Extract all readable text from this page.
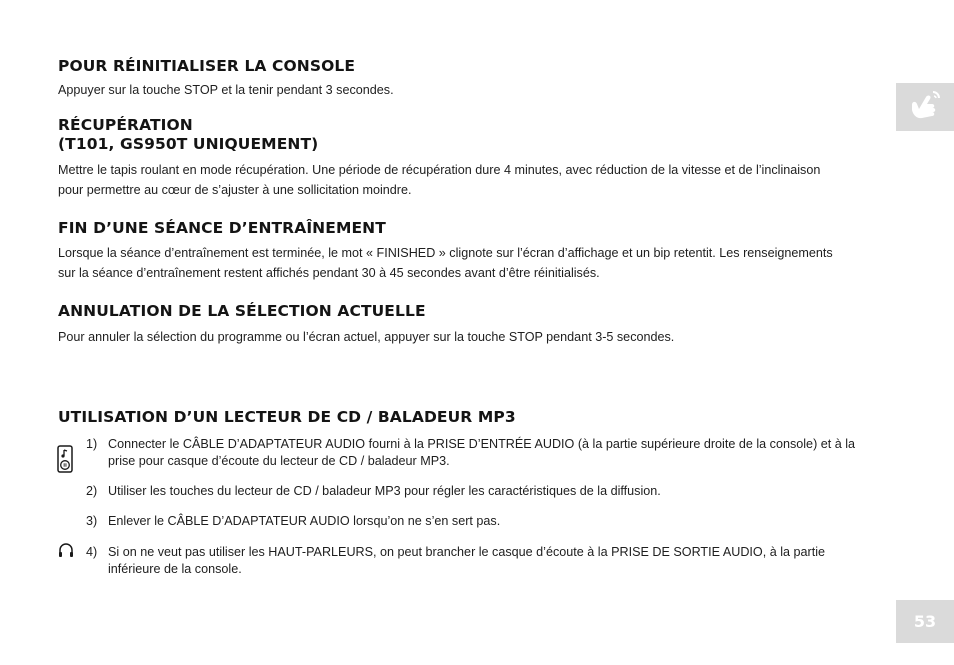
POUR RÉINITIALISER LA CONSOLE

Appuyer sur la touche STOP et la tenir pendant 3 secondes.

RÉCUPÉRATION
(T101, GS950T UNIQUEMENT)

Mettre le tapis roulant en mode récupération. Une période de récupération dure 4 minutes, avec réduction de la vitesse et de l’inclinaison pour permettre au cœur de s’ajuster à une sollicitation moindre.

FIN D’UNE SÉANCE D’ENTRAÎNEMENT

Lorsque la séance d’entraînement est terminée, le mot « FINISHED » clignote sur l’écran d’affichage et un bip retentit. Les renseignements sur la séance d’entraînement restent affichés pendant 30 à 45 secondes avant d’être réinitialisés.

ANNULATION DE LA SÉLECTION ACTUELLE

Pour annuler la sélection du programme ou l’écran actuel, appuyer sur la touche STOP pendant 3-5 secondes.

UTILISATION D’UN LECTEUR DE CD / BALADEUR MP3
1) Connecter le CÂBLE D’ADAPTATEUR AUDIO fourni à la PRISE D’ENTRÉE AUDIO (à la partie supérieure droite de la console) et à la prise pour casque d’écoute du lecteur de CD / baladeur MP3.
2) Utiliser les touches du lecteur de CD / baladeur MP3 pour régler les caractéristiques de la diffusion.
3) Enlever le CÂBLE D’ADAPTATEUR AUDIO lorsqu’on ne s’en sert pas.
4) Si on ne veut pas utiliser les HAUT-PARLEURS, on peut brancher le casque d’écoute à la PRISE DE SORTIE AUDIO, à la partie inférieure de la console.
53
